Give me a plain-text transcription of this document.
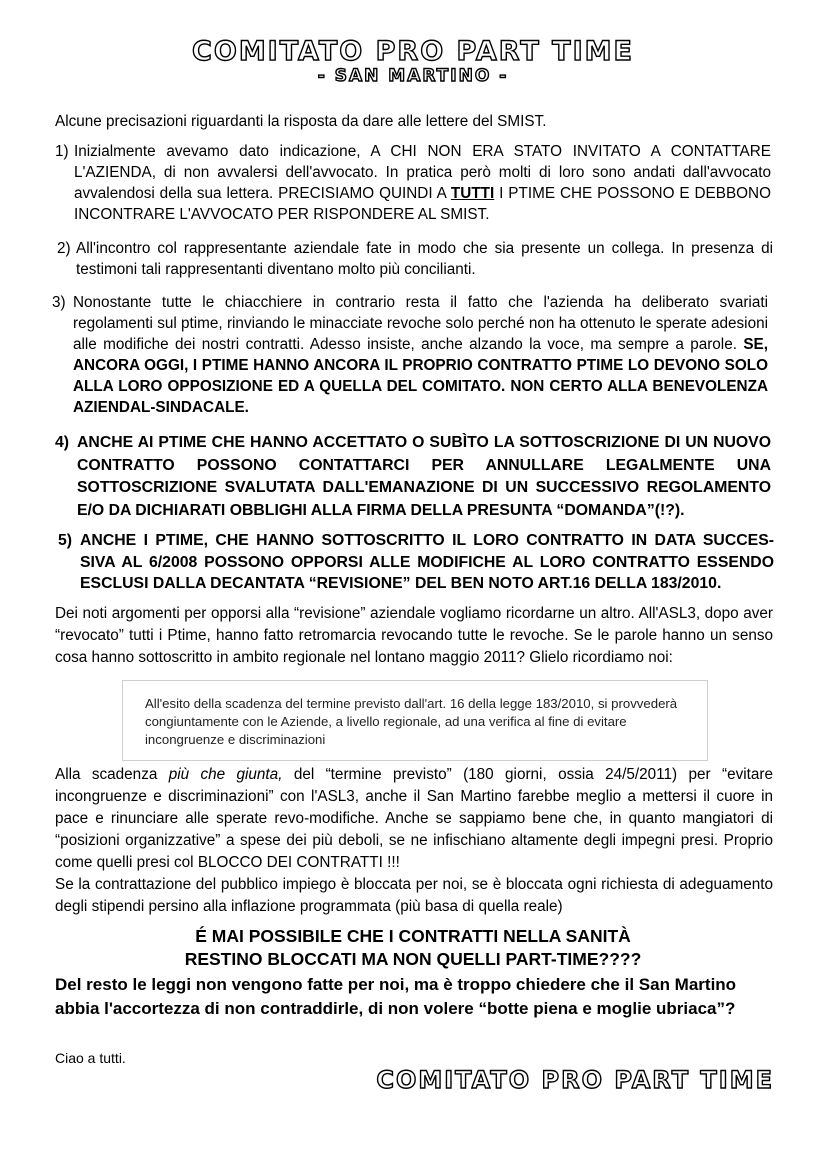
COMITATO PRO PART TIME
- SAN MARTINO -
Alcune precisazioni riguardanti la risposta da dare alle lettere del SMIST.
1) Inizialmente avevamo dato indicazione, A CHI NON ERA STATO INVITATO A CONTATTARE L'AZIENDA, di non avvalersi dell'avvocato. In pratica però molti di loro sono andati dall'avvocato avvalendosi della sua lettera. PRECISIAMO QUINDI A TUTTI I PTIME CHE POSSONO E DEBBONO INCONTRARE L'AVVOCATO PER RISPONDERE AL SMIST.
2) All'incontro col rappresentante aziendale fate in modo che sia presente un collega. In presenza di testimoni tali rappresentanti diventano molto più concilianti.
3) Nonostante tutte le chiacchiere in contrario resta il fatto che l'azienda ha deliberato svariati regolamenti sul ptime, rinviando le minacciate revoche solo perché non ha ottenuto le sperate adesioni alle modifiche dei nostri contratti. Adesso insiste, anche alzando la voce, ma sempre a parole. SE, ANCORA OGGI, I PTIME HANNO ANCORA IL PROPRIO CONTRATTO PTIME LO DEVONO SOLO ALLA LORO OPPOSIZIONE ED A QUELLA DEL COMITATO. NON CERTO ALLA BENEVOLENZA AZIENDAL-SINDACALE.
4) ANCHE AI PTIME CHE HANNO ACCETTATO O SUBÌTO LA SOTTOSCRIZIONE DI UN NUOVO CONTRATTO POSSONO CONTATTARCI PER ANNULLARE LEGALMENTE UNA SOTTOSCRIZIONE SVALUTATA DALL'EMANAZIONE DI UN SUCCESSIVO REGOLAMENTO E/O DA DICHIARATI OBBLIGHI ALLA FIRMA DELLA PRESUNTA “DOMANDA”(!?).
5) ANCHE I PTIME, CHE HANNO SOTTOSCRITTO IL LORO CONTRATTO IN DATA SUCCES-SIVA AL 6/2008 POSSONO OPPORSI ALLE MODIFICHE AL LORO CONTRATTO ESSENDO ESCLUSI DALLA DECANTATA “REVISIONE” DEL BEN NOTO ART.16 DELLA 183/2010.
Dei noti argomenti per opporsi alla “revisione” aziendale vogliamo ricordarne un altro. All'ASL3, dopo aver “revocato” tutti i Ptime, hanno fatto retromarcia revocando tutte le revoche. Se le parole hanno un senso cosa hanno sottoscritto in ambito regionale nel lontano maggio 2011? Glielo ricordiamo noi:
All'esito della scadenza del termine previsto dall'art. 16 della legge 183/2010, si provvederà congiuntamente con le Aziende, a livello regionale, ad una verifica al fine di evitare incongruenze e discriminazioni
Alla scadenza più che giunta, del “termine previsto” (180 giorni, ossia 24/5/2011) per “evitare incongruenze e discriminazioni” con l'ASL3, anche il San Martino farebbe meglio a mettersi il cuore in pace e rinunciare alle sperate revo-modifiche. Anche se sappiamo bene che, in quanto mangiatori di “posizioni organizzative” a spese dei più deboli, se ne infischiano altamente degli impegni presi. Proprio come quelli presi col BLOCCO DEI CONTRATTI !!!
Se la contrattazione del pubblico impiego è bloccata per noi, se è bloccata ogni richiesta di adeguamento degli stipendi persino alla inflazione programmata (più basa di quella reale)
É MAI POSSIBILE CHE I CONTRATTI NELLA SANITÀ
RESTINO BLOCCATI MA NON QUELLI PART-TIME????
Del resto le leggi non vengono fatte per noi, ma è troppo chiedere che il San Martino
abbia l'accortezza di non contraddirle, di non volere “botte piena e moglie ubriaca”?
Ciao a tutti.
COMITATO PRO PART TIME
